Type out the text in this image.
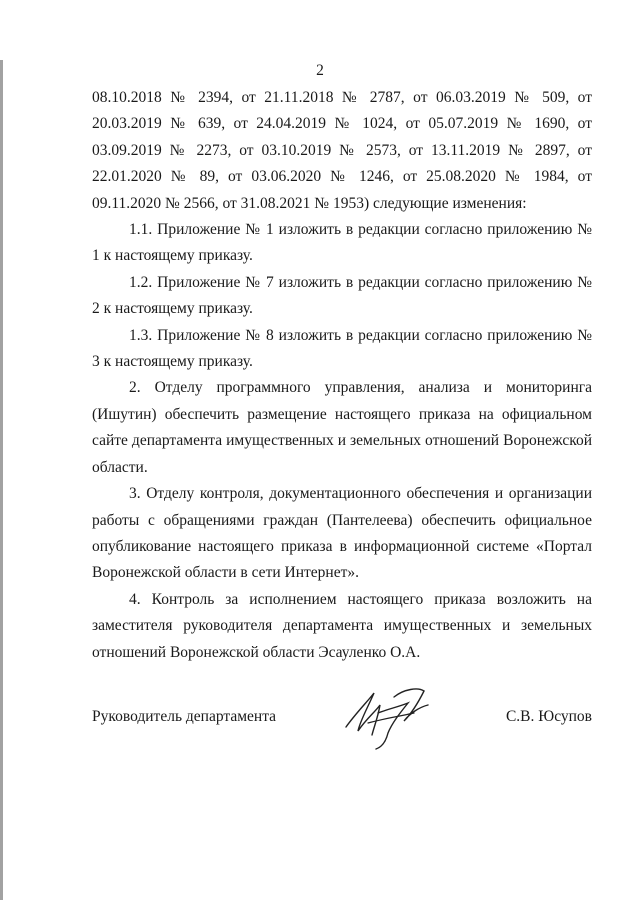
2

08.10.2018 № 2394, от 21.11.2018 № 2787, от 06.03.2019 № 509, от 20.03.2019 № 639, от 24.04.2019 № 1024, от 05.07.2019 № 1690, от 03.09.2019 № 2273, от 03.10.2019 № 2573, от 13.11.2019 № 2897, от 22.01.2020 № 89, от 03.06.2020 № 1246, от 25.08.2020 № 1984, от 09.11.2020 № 2566, от 31.08.2021 № 1953) следующие изменения:

1.1. Приложение № 1 изложить в редакции согласно приложению № 1 к настоящему приказу.

1.2. Приложение № 7 изложить в редакции согласно приложению № 2 к настоящему приказу.

1.3. Приложение № 8 изложить в редакции согласно приложению № 3 к настоящему приказу.

2. Отделу программного управления, анализа и мониторинга (Ишутин) обеспечить размещение настоящего приказа на официальном сайте департамента имущественных и земельных отношений Воронежской области.

3. Отделу контроля, документационного обеспечения и организации работы с обращениями граждан (Пантелеева) обеспечить официальное опубликование настоящего приказа в информационной системе «Портал Воронежской области в сети Интернет».

4. Контроль за исполнением настоящего приказа возложить на заместителя руководителя департамента имущественных и земельных отношений Воронежской области Эсауленко О.А.

Руководитель департамента	С.В. Юсупов
